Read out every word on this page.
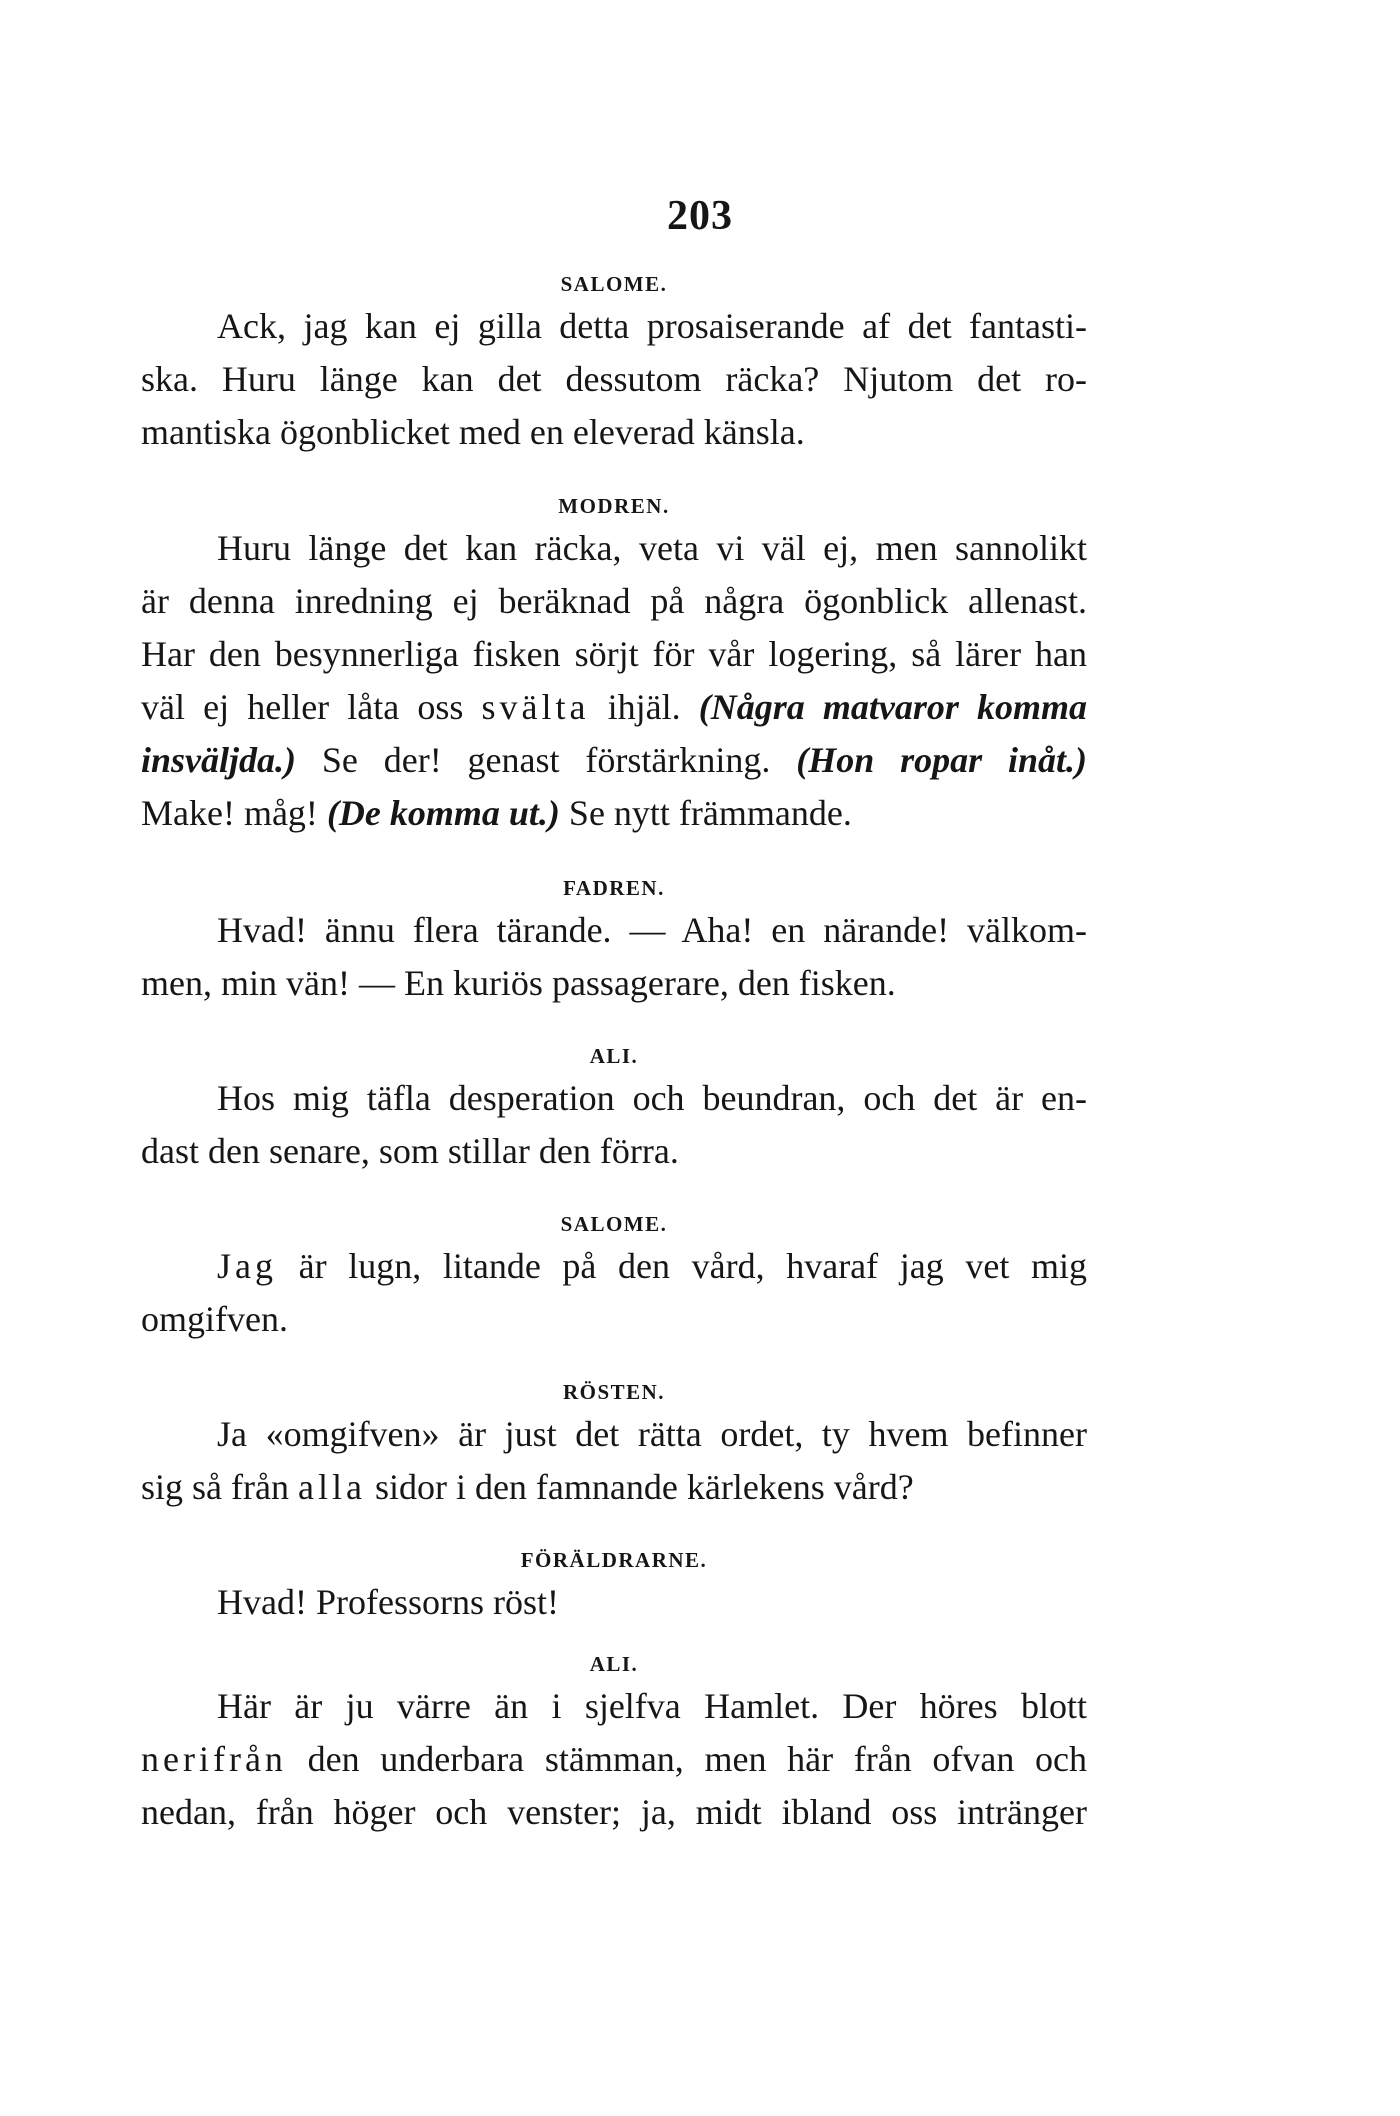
203
SALOME.
Ack, jag kan ej gilla detta prosaiserande af det fantasti-
ska. Huru länge kan det dessutom räcka? Njutom det ro-
mantiska ögonblicket med en eleverad känsla.
MODREN.
Huru länge det kan räcka, veta vi väl ej, men sannolikt
är denna inredning ej beräknad på några ögonblick allenast.
Har den besynnerliga fisken sörjt för vår logering, så lärer han
väl ej heller låta oss svälta ihjäl. (Några matvaror komma
insväljda.) Se der! genast förstärkning. (Hon ropar inåt.)
Make! måg! (De komma ut.) Se nytt främmande.
FADREN.
Hvad! ännu flera tärande. — Aha! en närande! välkom-
men, min vän! — En kuriös passagerare, den fisken.
ALI.
Hos mig täfla desperation och beundran, och det är en-
dast den senare, som stillar den förra.
SALOME.
Jag är lugn, litande på den vård, hvaraf jag vet mig
omgifven.
RÖSTEN.
Ja «omgifven» är just det rätta ordet, ty hvem befinner
sig så från alla sidor i den famnande kärlekens vård?
FÖRÄLDRARNE.
Hvad! Professorns röst!
ALI.
Här är ju värre än i sjelfva Hamlet. Der höres blott
nerifrån den underbara stämman, men här från ofvan och
nedan, från höger och venster; ja, midt ibland oss intränger
